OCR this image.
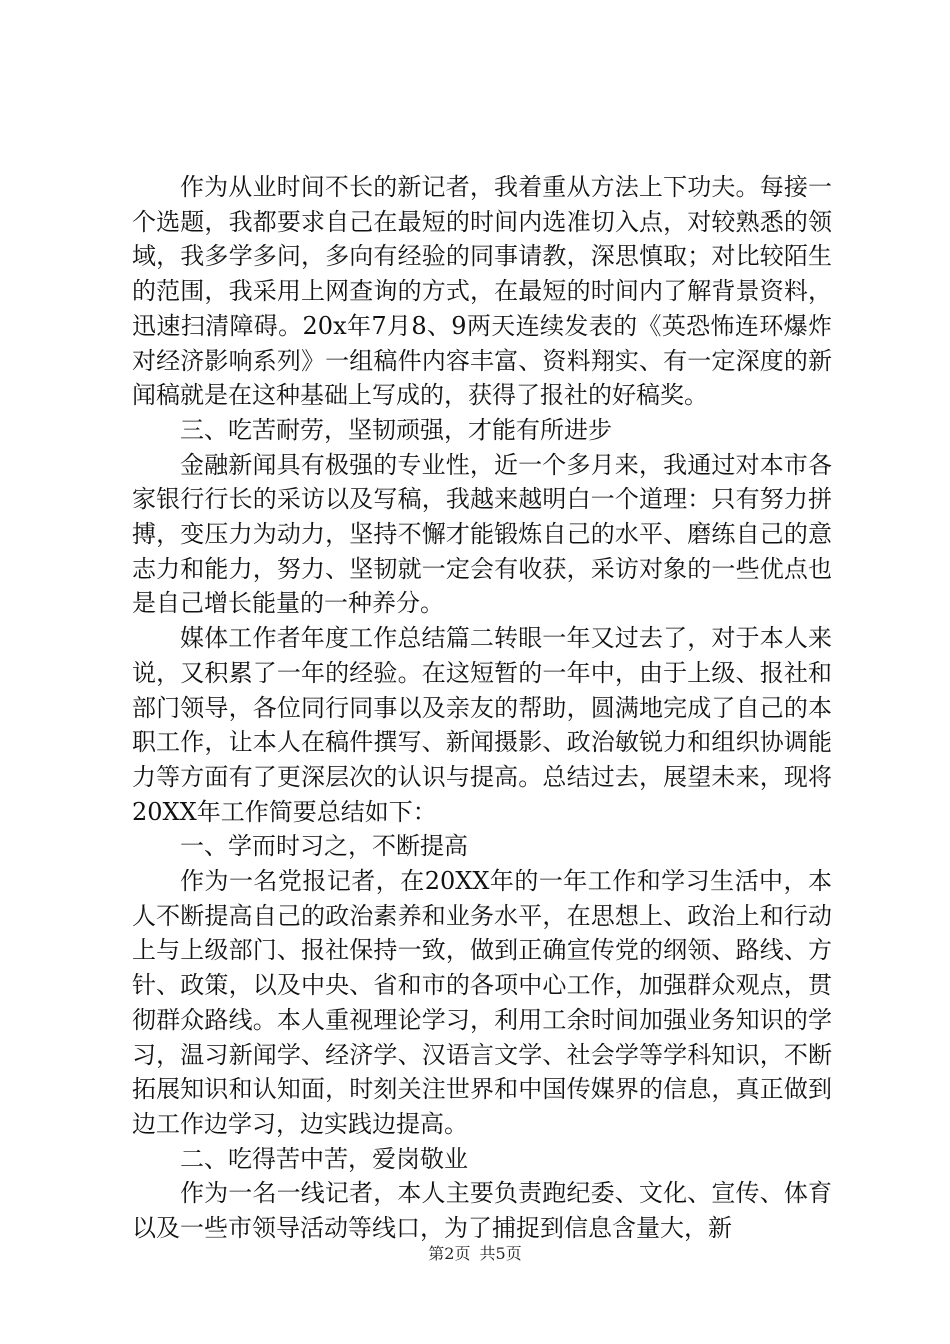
作为从业时间不长的新记者，我着重从方法上下功夫。每接一个选题，我都要求自己在最短的时间内选准切入点，对较熟悉的领域，我多学多问，多向有经验的同事请教，深思慎取；对比较陌生的范围，我采用上网查询的方式，在最短的时间内了解背景资料，迅速扫清障碍。20x年7月8、9两天连续发表的《英恐怖连环爆炸对经济影响系列》一组稿件内容丰富、资料翔实、有一定深度的新闻稿就是在这种基础上写成的，获得了报社的好稿奖。

三、吃苦耐劳，坚韧顽强，才能有所进步

金融新闻具有极强的专业性，近一个多月来，我通过对本市各家银行行长的采访以及写稿，我越来越明白一个道理：只有努力拼搏，变压力为动力，坚持不懈才能锻炼自己的水平、磨练自己的意志力和能力，努力、坚韧就一定会有收获，采访对象的一些优点也是自己增长能量的一种养分。

媒体工作者年度工作总结篇二转眼一年又过去了，对于本人来说，又积累了一年的经验。在这短暂的一年中，由于上级、报社和部门领导，各位同行同事以及亲友的帮助，圆满地完成了自己的本职工作，让本人在稿件撰写、新闻摄影、政治敏锐力和组织协调能力等方面有了更深层次的认识与提高。总结过去，展望未来，现将20XX年工作简要总结如下：

一、学而时习之，不断提高

作为一名党报记者，在20XX年的一年工作和学习生活中，本人不断提高自己的政治素养和业务水平，在思想上、政治上和行动上与上级部门、报社保持一致，做到正确宣传党的纲领、路线、方针、政策，以及中央、省和市的各项中心工作，加强群众观点，贯彻群众路线。本人重视理论学习，利用工余时间加强业务知识的学习，温习新闻学、经济学、汉语言文学、社会学等学科知识，不断拓展知识和认知面，时刻关注世界和中国传媒界的信息，真正做到边工作边学习，边实践边提高。

二、吃得苦中苦，爱岗敬业

作为一名一线记者，本人主要负责跑纪委、文化、宣传、体育以及一些市领导活动等线口，为了捕捉到信息含量大，新

第2页 共5页
